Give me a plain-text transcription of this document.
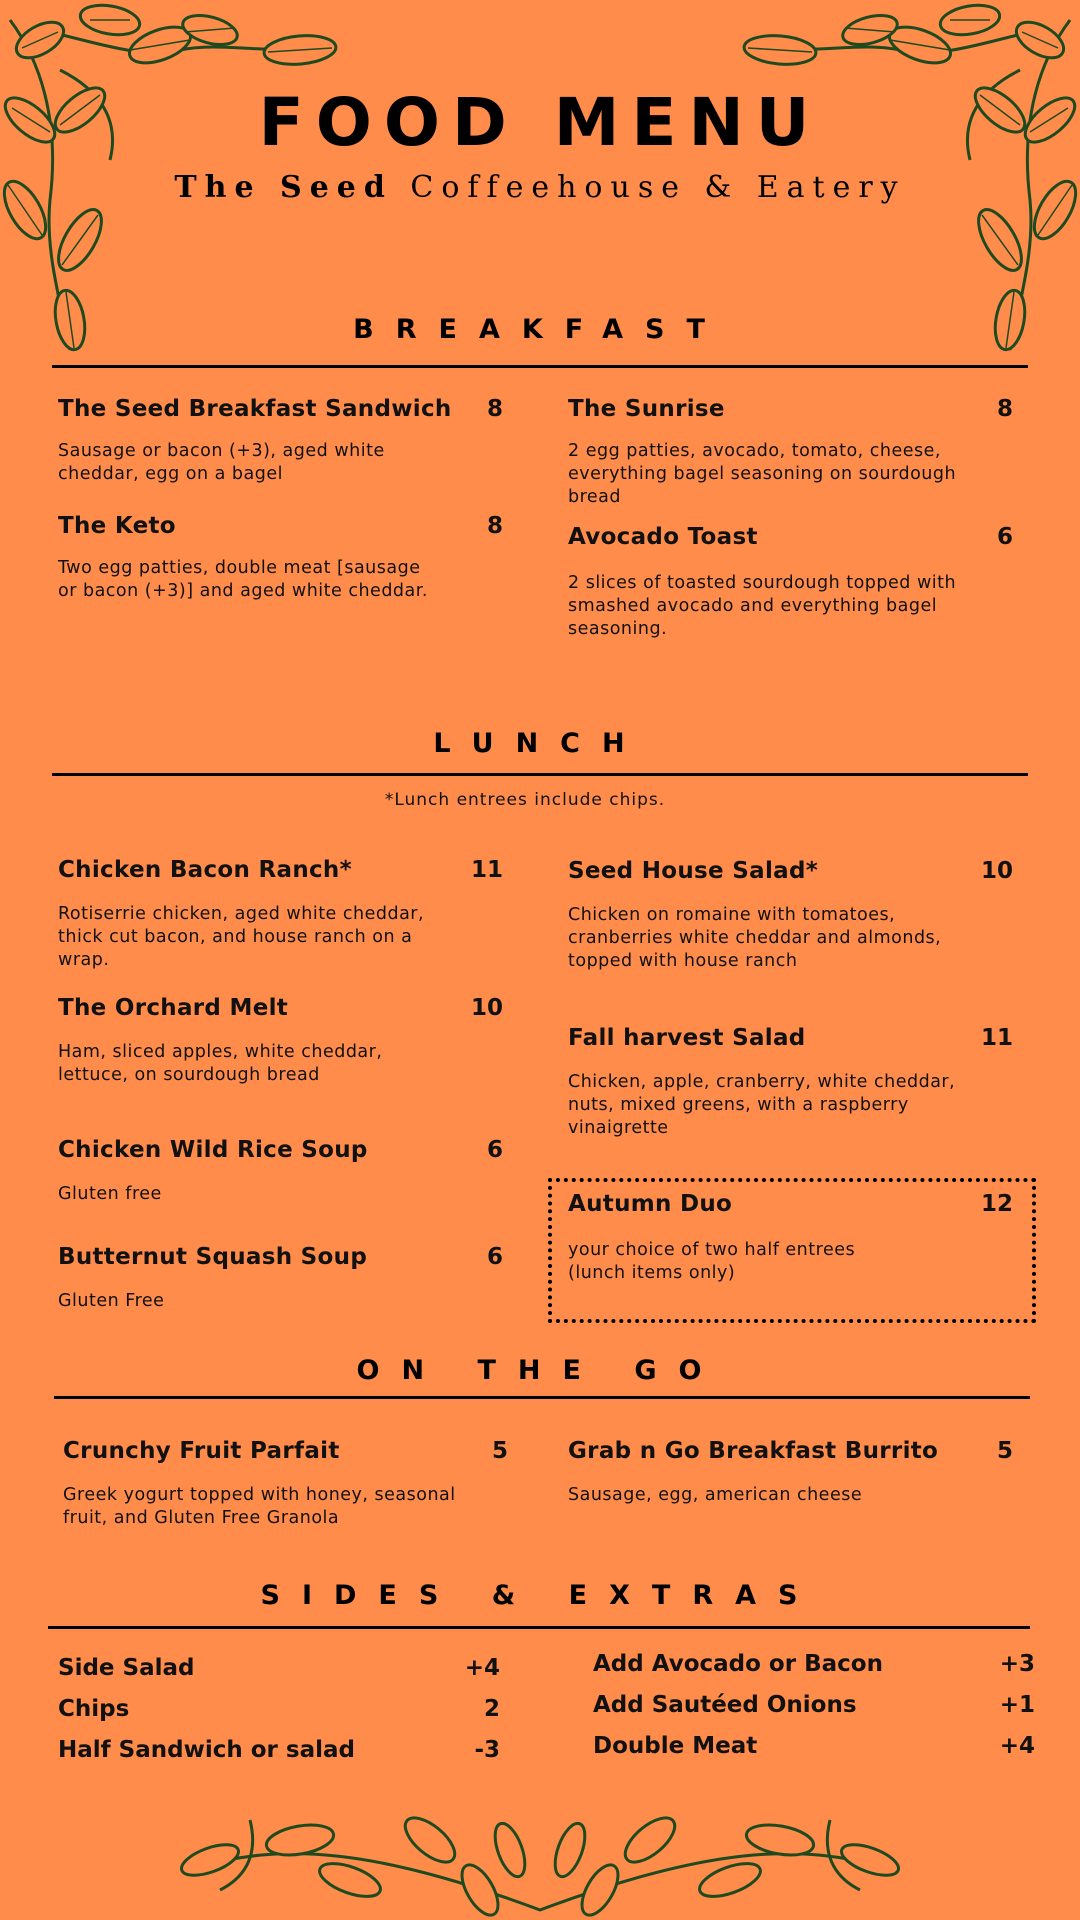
FOOD MENU
The Seed Coffeehouse & Eatery
BREAKFAST
The Seed Breakfast Sandwich 8
Sausage or bacon (+3), aged white cheddar, egg on a bagel
The Sunrise	8
2 egg patties, avocado, tomato, cheese, everything bagel seasoning on sourdough bread
The Keto	8
Two egg patties, double meat [sausage or bacon (+3)] and aged white cheddar.
Avocado Toast	6
2 slices of toasted sourdough topped with smashed avocado and everything bagel seasoning.
LUNCH
*Lunch entrees include chips.
Chicken Bacon Ranch*	11
Rotiserrie chicken, aged white cheddar, thick cut bacon, and house ranch on a wrap.
Seed House Salad*	10
Chicken on romaine with tomatoes, cranberries white cheddar and almonds, topped with house ranch
The Orchard Melt	10
Ham, sliced apples, white cheddar, lettuce, on sourdough bread
Fall harvest Salad	11
Chicken, apple, cranberry, white cheddar, nuts, mixed greens, with a raspberry vinaigrette
Chicken Wild Rice Soup	6
Gluten free	Autumn Duo	12
your choice of two half entrees (lunch items only)
Butternut Squash Soup	6
Gluten Free
ON THE GO
Crunchy Fruit Parfait	5
Greek yogurt topped with honey, seasonal fruit, and Gluten Free Granola
Grab n Go Breakfast Burrito	5
Sausage, egg, american cheese
SIDES & EXTRAS
Side Salad	+4
Chips	2
Half Sandwich or salad	-3
Add Avocado or Bacon	+3
Add Sautéed Onions	+1
Double Meat	+4
